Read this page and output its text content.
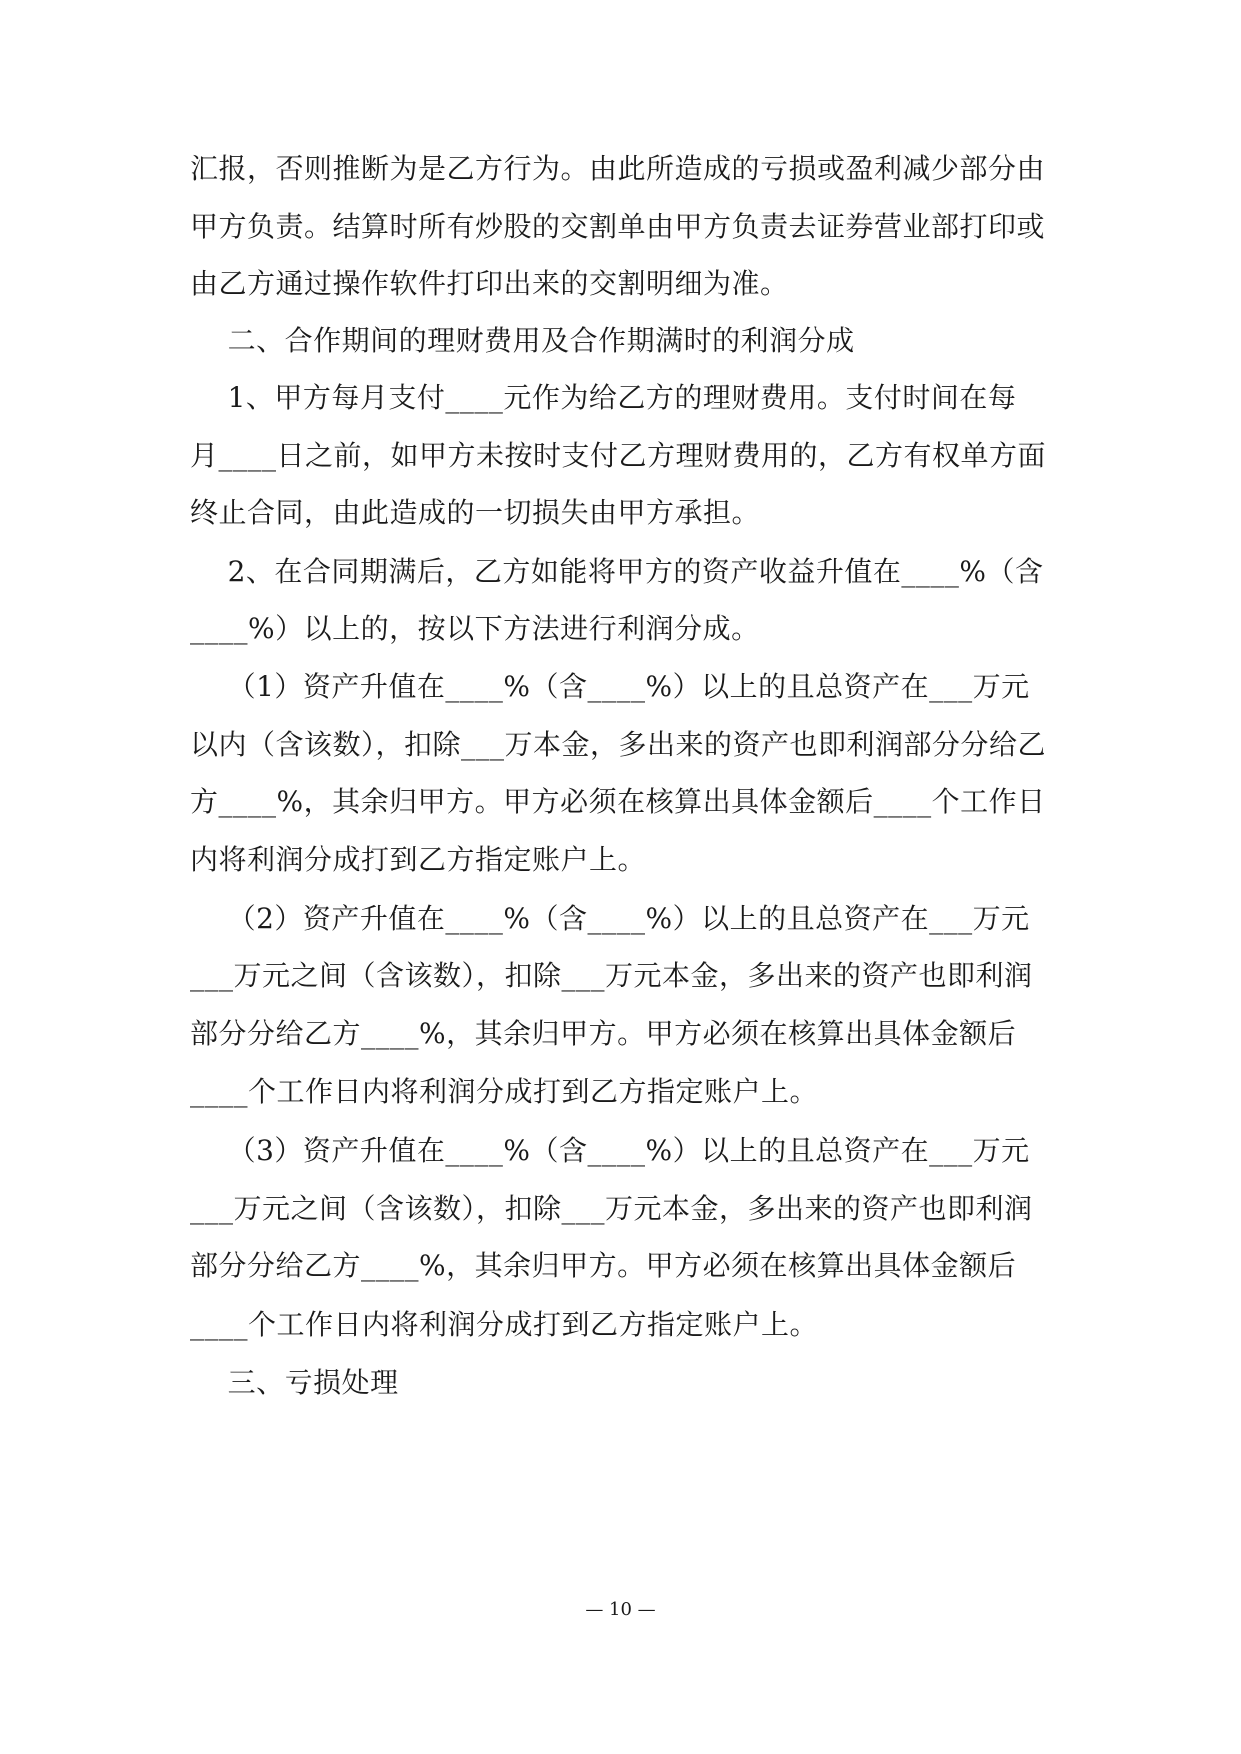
汇报，否则推断为是乙方行为。由此所造成的亏损或盈利减少部分由
甲方负责。结算时所有炒股的交割单由甲方负责去证券营业部打印或
由乙方通过操作软件打印出来的交割明细为准。
二、合作期间的理财费用及合作期满时的利润分成
1、甲方每月支付____元作为给乙方的理财费用。支付时间在每
月____日之前，如甲方未按时支付乙方理财费用的，乙方有权单方面
终止合同，由此造成的一切损失由甲方承担。
2、在合同期满后，乙方如能将甲方的资产收益升值在____%（含
____%）以上的，按以下方法进行利润分成。
（1）资产升值在____%（含____%）以上的且总资产在___万元
以内（含该数），扣除___万本金，多出来的资产也即利润部分分给乙
方____%，其余归甲方。甲方必须在核算出具体金额后____个工作日
内将利润分成打到乙方指定账户上。
（2）资产升值在____%（含____%）以上的且总资产在___万元
___万元之间（含该数），扣除___万元本金，多出来的资产也即利润
部分分给乙方____%，其余归甲方。甲方必须在核算出具体金额后
____个工作日内将利润分成打到乙方指定账户上。
（3）资产升值在____%（含____%）以上的且总资产在___万元
___万元之间（含该数），扣除___万元本金，多出来的资产也即利润
部分分给乙方____%，其余归甲方。甲方必须在核算出具体金额后
____个工作日内将利润分成打到乙方指定账户上。
三、亏损处理
— 10 —
